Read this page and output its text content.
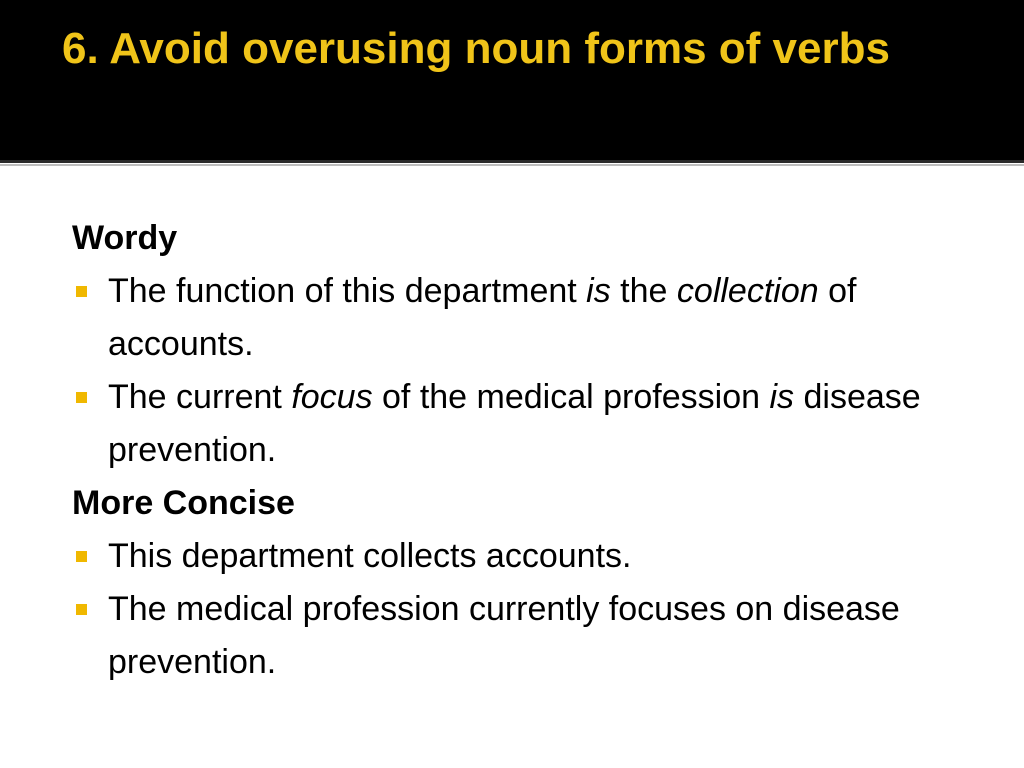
6. Avoid overusing noun forms of verbs

Wordy

The function of this department is the collection of accounts.
The current focus of the medical profession is disease prevention.

More Concise

This department collects accounts.
The medical profession currently focuses on disease prevention.
